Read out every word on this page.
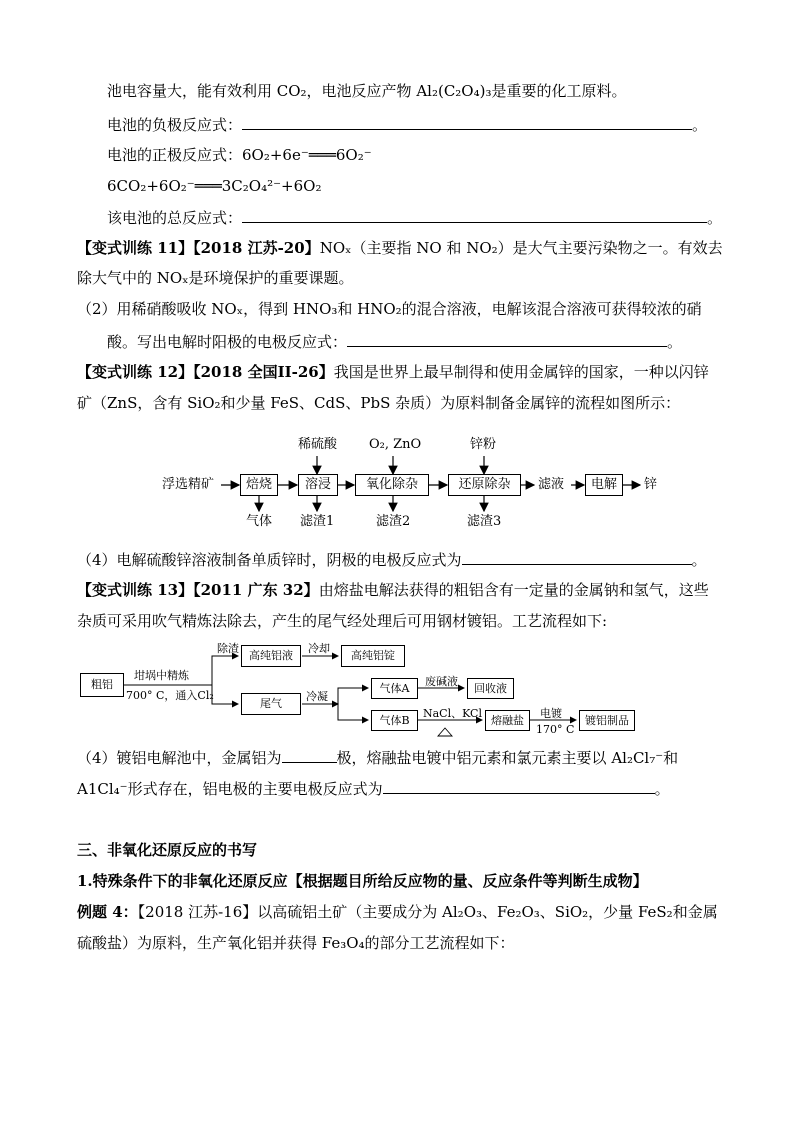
池电容量大，能有效利用 CO₂，电池反应产物 Al₂(C₂O₄)₃是重要的化工原料。
电池的负极反应式：	。
电池的正极反应式：6O₂+6e⁻═══6O₂⁻
6CO₂+6O₂⁻═══3C₂O₄²⁻+6O₂
该电池的总反应式：	。
【变式训练 11】【2018 江苏-20】NOₓ（主要指 NO 和 NO₂）是大气主要污染物之一。有效去
除大气中的 NOₓ是环境保护的重要课题。
（2）用稀硝酸吸收 NOₓ，得到 HNO₃和 HNO₂的混合溶液，电解该混合溶液可获得较浓的硝
酸。写出电解时阳极的电极反应式：	。
【变式训练 12】【2018 全国II-26】我国是世界上最早制得和使用金属锌的国家，一种以闪锌
矿（ZnS，含有 SiO₂和少量 FeS、CdS、PbS 杂质）为原料制备金属锌的流程如图所示：
浮选精矿	焙烧	溶浸	氧化除杂	还原除杂	滤液	电解	锌
稀硫酸 O₂, ZnO	锌粉
气体 滤渣1	滤渣2	滤渣3
粗铝
坩埚中精炼
700° C，通入Cl₂
除渣
高纯铝液
冷却
高纯铝锭
尾气
冷凝
气体A
废碱液
回收液
气体B
NaCl、KCl
熔融盐
电镀
170° C
镀铝制品
（4）电解硫酸锌溶液制备单质锌时，阴极的电极反应式为	。
【变式训练 13】【2011 广东 32】由熔盐电解法获得的粗铝含有一定量的金属钠和氢气，这些
杂质可采用吹气精炼法除去，产生的尾气经处理后可用钢材镀铝。工艺流程如下:
（4）镀铝电解池中，金属铝为	极，熔融盐电镀中铝元素和氯元素主要以 Al₂Cl₇⁻和
A1Cl₄⁻形式存在，铝电极的主要电极反应式为	。
三、非氧化还原反应的书写
1.特殊条件下的非氧化还原反应【根据题目所给反应物的量、反应条件等判断生成物】
例题 4：【2018 江苏-16】以高硫铝土矿（主要成分为 Al₂O₃、Fe₂O₃、SiO₂，少量 FeS₂和金属
硫酸盐）为原料，生产氧化铝并获得 Fe₃O₄的部分工艺流程如下：
